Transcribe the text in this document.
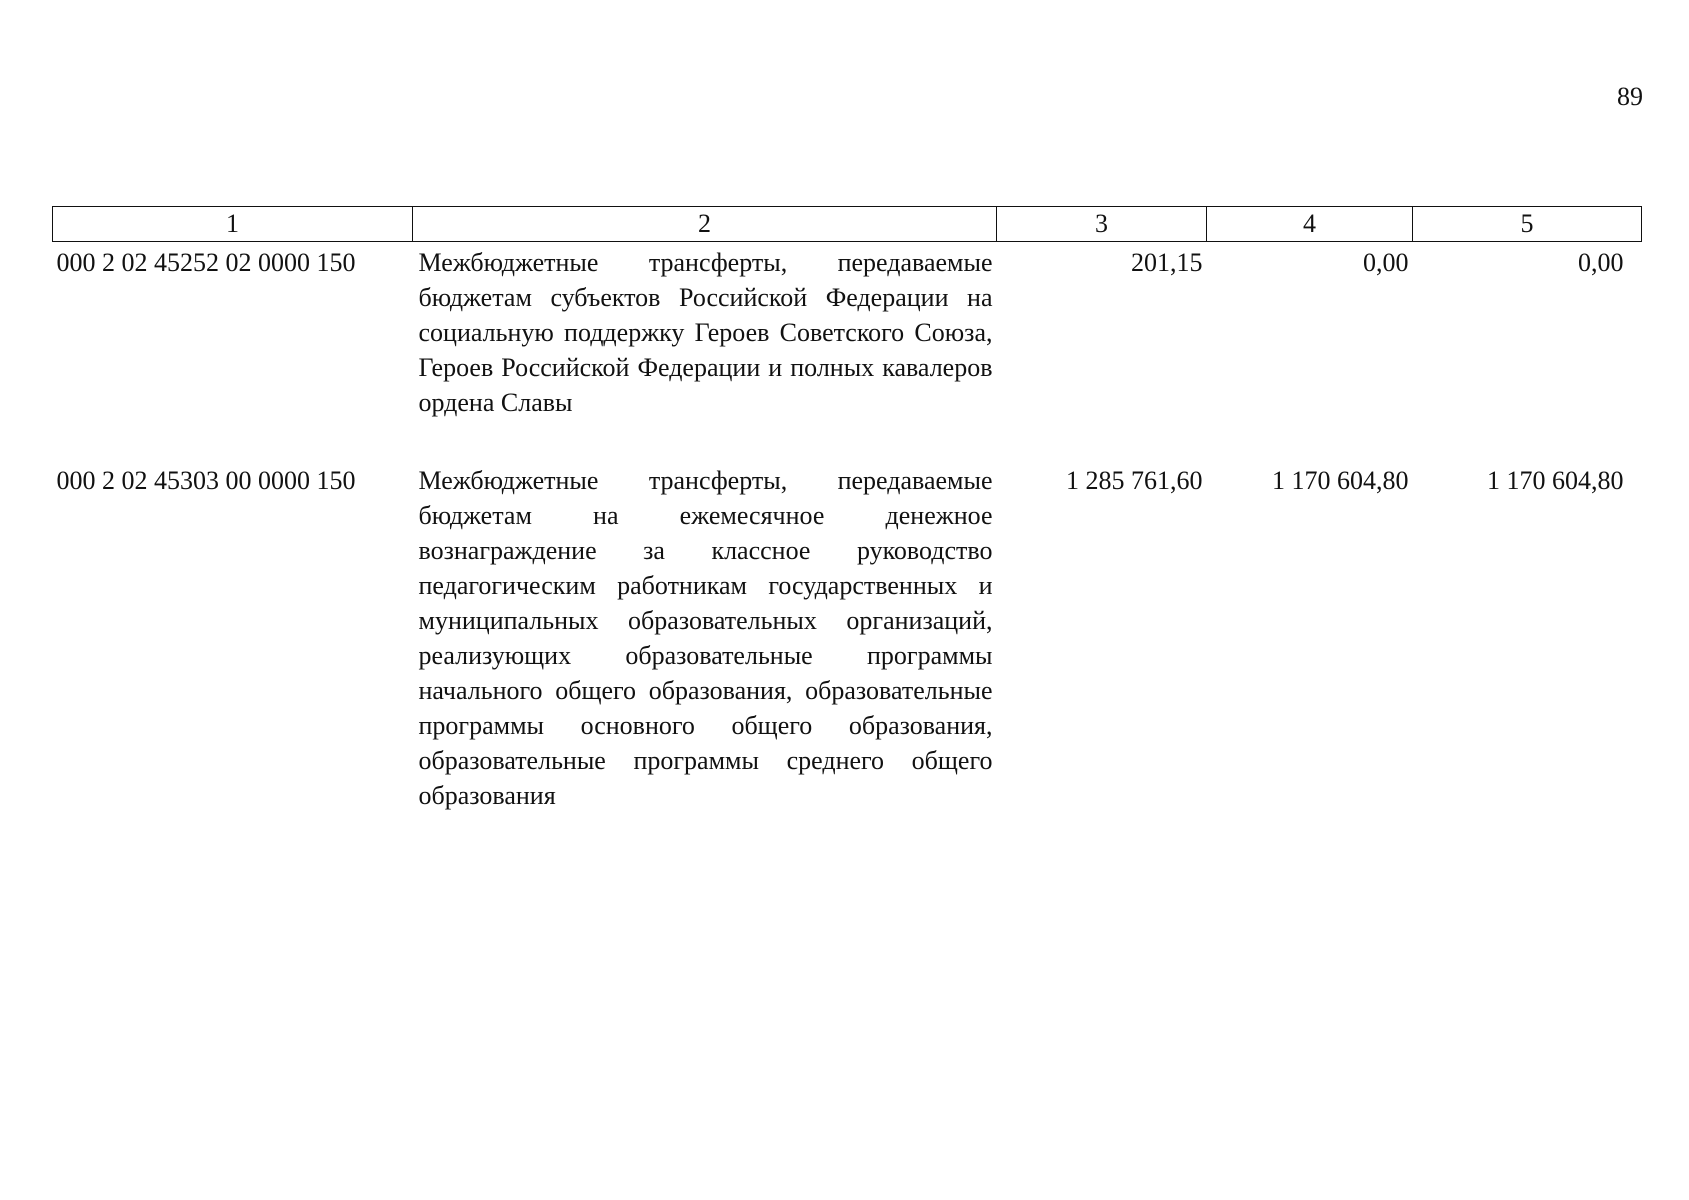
89
1	2	3	4	5
000 2 02 45252 02 0000 150	Межбюджетные трансферты, передаваемые бюджетам субъектов Российской Федерации на социальную поддержку Героев Советского Союза, Героев Российской Федерации и полных кавалеров ордена Славы	201,15	0,00	0,00
000 2 02 45303 00 0000 150	Межбюджетные трансферты, передаваемые бюджетам на ежемесячное денежное вознаграждение за классное руководство педагогическим работникам государственных и муниципальных образовательных организаций, реализующих образовательные программы начального общего образования, образовательные программы основного общего образования, образовательные программы среднего общего образования	1 285 761,60	1 170 604,80	1 170 604,80
